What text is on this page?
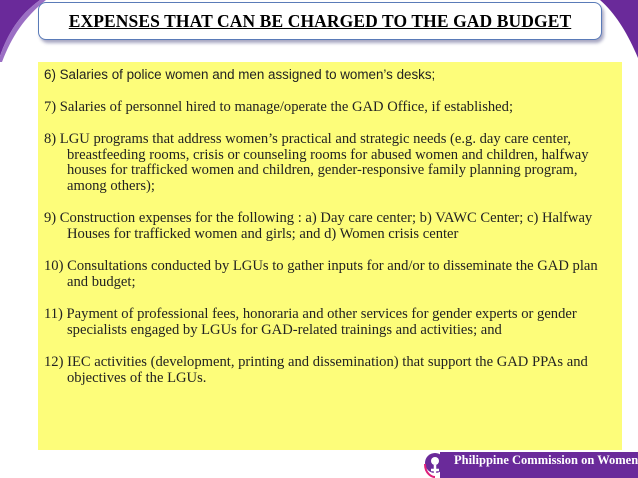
EXPENSES THAT CAN BE CHARGED TO THE GAD BUDGET

6) Salaries of police women and men assigned to women’s desks;

7) Salaries of personnel hired to manage/operate the GAD Office, if established;

8) LGU programs that address women’s practical and strategic needs (e.g. day care center, breastfeeding rooms, crisis or counseling rooms for abused women and children, halfway houses for trafficked women and children, gender-responsive family planning program, among others);

9) Construction expenses for the following : a) Day care center; b) VAWC Center; c) Halfway Houses for trafficked women and girls; and d) Women crisis center

10) Consultations conducted by LGUs to gather inputs for and/or to disseminate the GAD plan and budget;

11) Payment of professional fees, honoraria and other services for gender experts or gender specialists engaged by LGUs for GAD-related trainings and activities; and

12) IEC activities (development, printing and dissemination) that support the GAD PPAs and objectives of the LGUs.

Philippine Commission on Women
